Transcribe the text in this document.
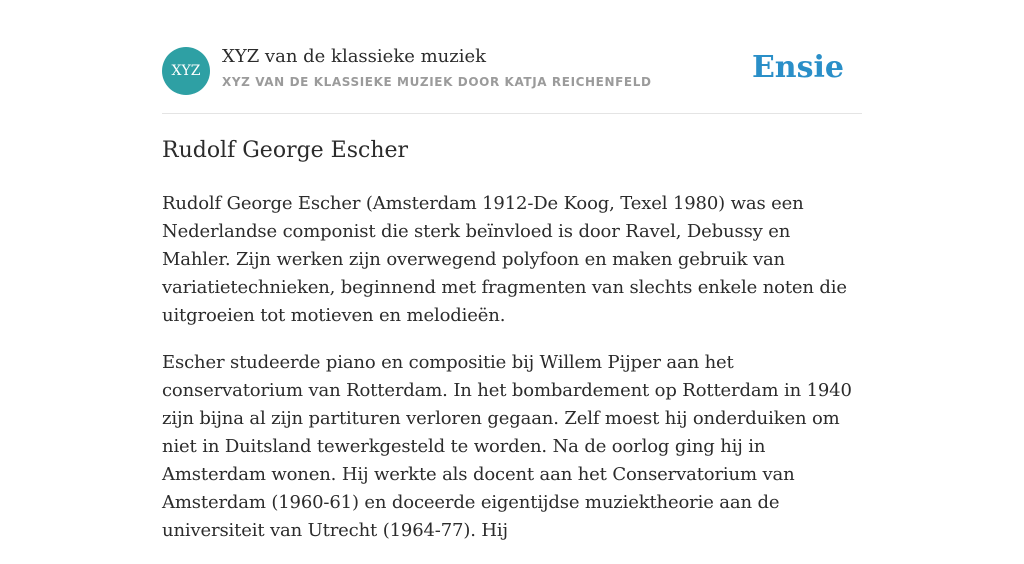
XYZ
XYZ van de klassieke muziek
XYZ VAN DE KLASSIEKE MUZIEK DOOR KATJA REICHENFELD	Ensie
Rudolf George Escher

Rudolf George Escher (Amsterdam 1912-De Koog, Texel 1980) was een Nederlandse componist die sterk beïnvloed is door Ravel, Debussy en Mahler. Zijn werken zijn overwegend polyfoon en maken gebruik van variatietechnieken, beginnend met fragmenten van slechts enkele noten die uitgroeien tot motieven en melodieën.

Escher studeerde piano en compositie bij Willem Pijper aan het conservatorium van Rotterdam. In het bombardement op Rotterdam in 1940 zijn bijna al zijn partituren verloren gegaan. Zelf moest hij onderduiken om niet in Duitsland tewerkgesteld te worden. Na de oorlog ging hij in Amsterdam wonen. Hij werkte als docent aan het Conservatorium van Amsterdam (1960-61) en doceerde eigentijdse muziektheorie aan de universiteit van Utrecht (1964-77). Hij
